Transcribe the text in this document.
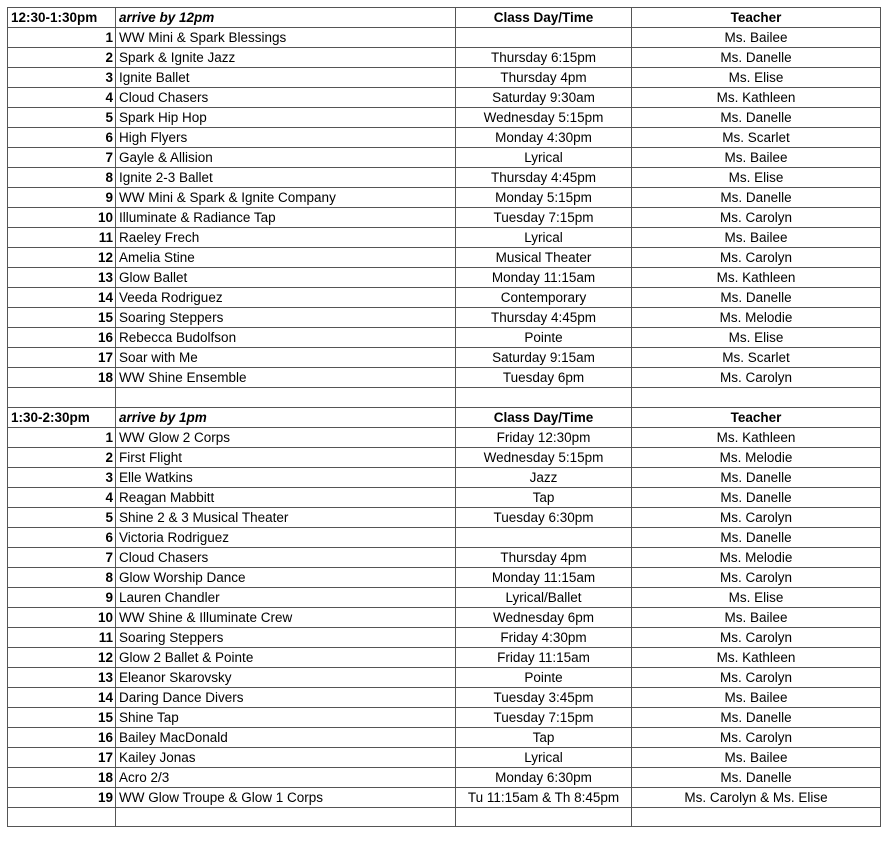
12:30-1:30pm	arrive by 12pm	Class Day/Time	Teacher
1	WW Mini & Spark Blessings		Ms. Bailee
2	Spark & Ignite Jazz	Thursday 6:15pm	Ms. Danelle
3	Ignite Ballet	Thursday 4pm	Ms. Elise
4	Cloud Chasers	Saturday 9:30am	Ms. Kathleen
5	Spark Hip Hop	Wednesday 5:15pm	Ms. Danelle
6	High Flyers	Monday 4:30pm	Ms. Scarlet
7	Gayle & Allision	Lyrical	Ms. Bailee
8	Ignite 2-3 Ballet	Thursday 4:45pm	Ms. Elise
9	WW Mini & Spark & Ignite Company	Monday 5:15pm	Ms. Danelle
10	Illuminate & Radiance Tap	Tuesday 7:15pm	Ms. Carolyn
11	Raeley Frech	Lyrical	Ms. Bailee
12	Amelia Stine	Musical Theater	Ms. Carolyn
13	Glow Ballet	Monday 11:15am	Ms. Kathleen
14	Veeda Rodriguez	Contemporary	Ms. Danelle
15	Soaring Steppers	Thursday 4:45pm	Ms. Melodie
16	Rebecca Budolfson	Pointe	Ms. Elise
17	Soar with Me	Saturday 9:15am	Ms. Scarlet
18	WW Shine Ensemble	Tuesday 6pm	Ms. Carolyn

1:30-2:30pm	arrive by 1pm	Class Day/Time	Teacher
1	WW Glow 2 Corps	Friday 12:30pm	Ms. Kathleen
2	First Flight	Wednesday 5:15pm	Ms. Melodie
3	Elle Watkins	Jazz	Ms. Danelle
4	Reagan Mabbitt	Tap	Ms. Danelle
5	Shine 2 & 3 Musical Theater	Tuesday 6:30pm	Ms. Carolyn
6	Victoria Rodriguez		Ms. Danelle
7	Cloud Chasers	Thursday 4pm	Ms. Melodie
8	Glow Worship Dance	Monday 11:15am	Ms. Carolyn
9	Lauren Chandler	Lyrical/Ballet	Ms. Elise
10	WW Shine & Illuminate Crew	Wednesday 6pm	Ms. Bailee
11	Soaring Steppers	Friday 4:30pm	Ms. Carolyn
12	Glow 2 Ballet & Pointe	Friday 11:15am	Ms. Kathleen
13	Eleanor Skarovsky	Pointe	Ms. Carolyn
14	Daring Dance Divers	Tuesday 3:45pm	Ms. Bailee
15	Shine Tap	Tuesday 7:15pm	Ms. Danelle
16	Bailey MacDonald	Tap	Ms. Carolyn
17	Kailey Jonas	Lyrical	Ms. Bailee
18	Acro 2/3	Monday 6:30pm	Ms. Danelle
19	WW Glow Troupe & Glow 1 Corps	Tu 11:15am & Th 8:45pm	Ms. Carolyn & Ms. Elise
